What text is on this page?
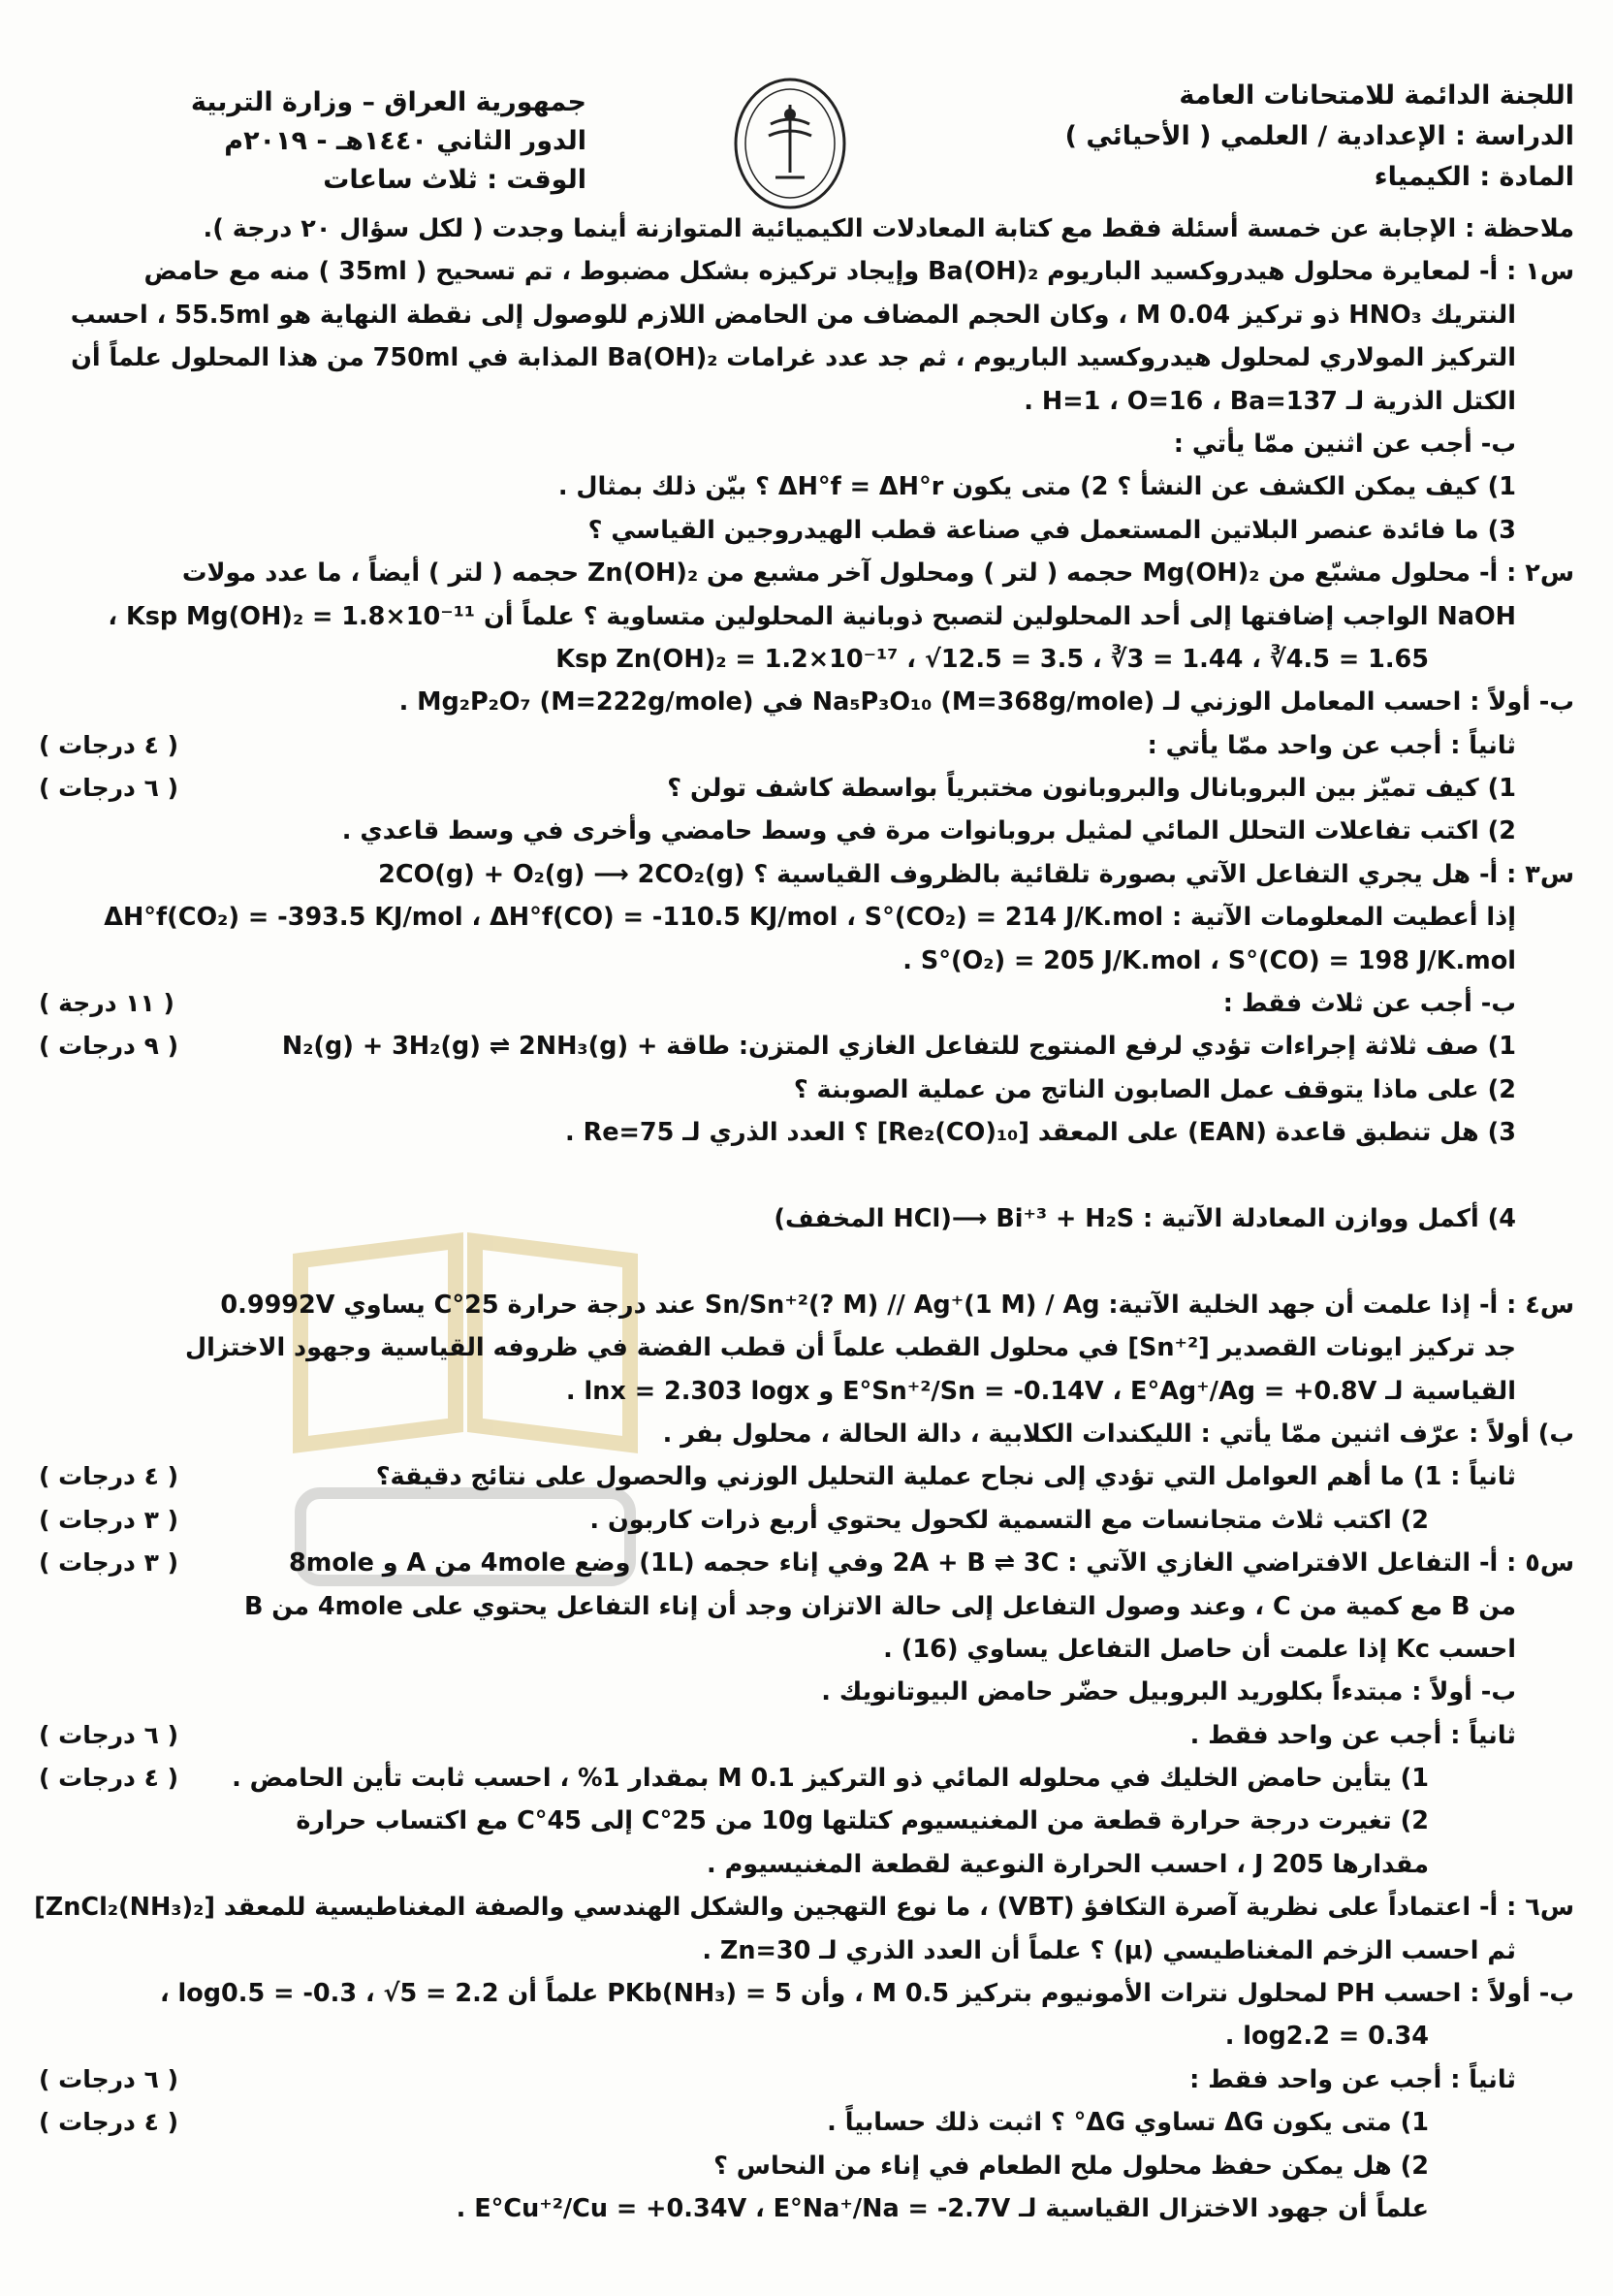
اللجنة الدائمة للامتحانات العامة
الدراسة : الإعدادية / العلمي ( الأحيائي )
المادة : الكيمياء
جمهورية العراق – وزارة التربية
الدور الثاني ١٤٤٠هـ - ٢٠١٩م
الوقت : ثلاث ساعات
ملاحظة : الإجابة عن خمسة أسئلة فقط مع كتابة المعادلات الكيميائية المتوازنة أينما وجدت ( لكل سؤال ٢٠ درجة ).
س١ : أ- لمعايرة محلول هيدروكسيد الباريوم Ba(OH)₂ وإيجاد تركيزه بشكل مضبوط ، تم تسحيح ( 35ml ) منه مع حامض
النتريك HNO₃ ذو تركيز 0.04 M ، وكان الحجم المضاف من الحامض اللازم للوصول إلى نقطة النهاية هو 55.5ml ، احسب
التركيز المولاري لمحلول هيدروكسيد الباريوم ، ثم جد عدد غرامات Ba(OH)₂ المذابة في 750ml من هذا المحلول علماً أن
الكتل الذرية لـ H=1 ، O=16 ، Ba=137 .
ب- أجب عن اثنين ممّا يأتي :
1) كيف يمكن الكشف عن النشأ ؟ 2) متى يكون ΔH°f = ΔH°r ؟ بيّن ذلك بمثال .
3) ما فائدة عنصر البلاتين المستعمل في صناعة قطب الهيدروجين القياسي ؟
س٢ : أ- محلول مشبّع من Mg(OH)₂ حجمه ( لتر ) ومحلول آخر مشبع من Zn(OH)₂ حجمه ( لتر ) أيضاً ، ما عدد مولات
NaOH الواجب إضافتها إلى أحد المحلولين لتصبح ذوبانية المحلولين متساوية ؟ علماً أن Ksp Mg(OH)₂ = 1.8×10⁻¹¹ ،
Ksp Zn(OH)₂ = 1.2×10⁻¹⁷ ، √12.5 = 3.5 ، ∛3 = 1.44 ، ∛4.5 = 1.65
ب- أولاً : احسب المعامل الوزني لـ Na₅P₃O₁₀ (M=368g/mole) في Mg₂P₂O₇ (M=222g/mole) .
( ٤ درجات )	ثانياً : أجب عن واحد ممّا يأتي :
( ٦ درجات )	1) كيف تميّز بين البروبانال والبروبانون مختبرياً بواسطة كاشف تولن ؟
2) اكتب تفاعلات التحلل المائي لمثيل بروبانوات مرة في وسط حامضي وأخرى في وسط قاعدي .
س٣ : أ- هل يجري التفاعل الآتي بصورة تلقائية بالظروف القياسية ؟ 2CO(g) + O₂(g) ⟶ 2CO₂(g)
إذا أعطيت المعلومات الآتية : ΔH°f(CO₂) = -393.5 KJ/mol ، ΔH°f(CO) = -110.5 KJ/mol ، S°(CO₂) = 214 J/K.mol
S°(O₂) = 205 J/K.mol ، S°(CO) = 198 J/K.mol .
( ١١ درجة )	ب- أجب عن ثلاث فقط :
( ٩ درجات )	1) صف ثلاثة إجراءات تؤدي لرفع المنتوج للتفاعل الغازي المتزن: طاقة + N₂(g) + 3H₂(g) ⇌ 2NH₃(g)
2) على ماذا يتوقف عمل الصابون الناتج من عملية الصوبنة ؟
3) هل تنطبق قاعدة (EAN) على المعقد [Re₂(CO)₁₀] ؟ العدد الذري لـ Re=75 .
4) أكمل ووازن المعادلة الآتية : Bi⁺³ + H₂S ⟶(HCl المخفف)
س٤ : أ- إذا علمت أن جهد الخلية الآتية: Sn/Sn⁺²(? M) // Ag⁺(1 M) / Ag عند درجة حرارة 25°C يساوي 0.9992V
جد تركيز ايونات القصدير [Sn⁺²] في محلول القطب علماً أن قطب الفضة في ظروفه القياسية وجهود الاختزال
القياسية لـ E°Sn⁺²/Sn = -0.14V ، E°Ag⁺/Ag = +0.8V و lnx = 2.303 logx .
ب) أولاً : عرّف اثنين ممّا يأتي : الليكندات الكلابية ، دالة الحالة ، محلول بفر .
( ٤ درجات )	ثانياً : 1) ما أهم العوامل التي تؤدي إلى نجاح عملية التحليل الوزني والحصول على نتائج دقيقة؟
( ٣ درجات )	2) اكتب ثلاث متجانسات مع التسمية لكحول يحتوي أربع ذرات كاربون .
( ٣ درجات )	س٥ : أ- التفاعل الافتراضي الغازي الآتي : 2A + B ⇌ 3C وفي إناء حجمه (1L) وضع 4mole من A و 8mole
من B مع كمية من C ، وعند وصول التفاعل إلى حالة الاتزان وجد أن إناء التفاعل يحتوي على 4mole من B
احسب Kc إذا علمت أن حاصل التفاعل يساوي (16) .
ب- أولاً : مبتدءاً بكلوريد البروبيل حضّر حامض البيوتانويك .
( ٦ درجات )	ثانياً : أجب عن واحد فقط .
( ٤ درجات )	1) يتأين حامض الخليك في محلوله المائي ذو التركيز 0.1 M بمقدار 1% ، احسب ثابت تأين الحامض .
2) تغيرت درجة حرارة قطعة من المغنيسيوم كتلتها 10g من 25°C إلى 45°C مع اكتساب حرارة
مقدارها 205 J ، احسب الحرارة النوعية لقطعة المغنيسيوم .
س٦ : أ- اعتماداً على نظرية آصرة التكافؤ (VBT) ، ما نوع التهجين والشكل الهندسي والصفة المغناطيسية للمعقد [ZnCl₂(NH₃)₂]
ثم احسب الزخم المغناطيسي (μ) ؟ علماً أن العدد الذري لـ Zn=30 .
ب- أولاً : احسب PH لمحلول نترات الأمونيوم بتركيز 0.5 M ، وأن PKb(NH₃) = 5 علماً أن log0.5 = -0.3 ، √5 = 2.2 ،
log2.2 = 0.34 .
( ٦ درجات )	ثانياً : أجب عن واحد فقط :
( ٤ درجات )	1) متى يكون ΔG تساوي ΔG° ؟ اثبت ذلك حسابياً .
2) هل يمكن حفظ محلول ملح الطعام في إناء من النحاس ؟
علماً أن جهود الاختزال القياسية لـ E°Cu⁺²/Cu = +0.34V ، E°Na⁺/Na = -2.7V .
